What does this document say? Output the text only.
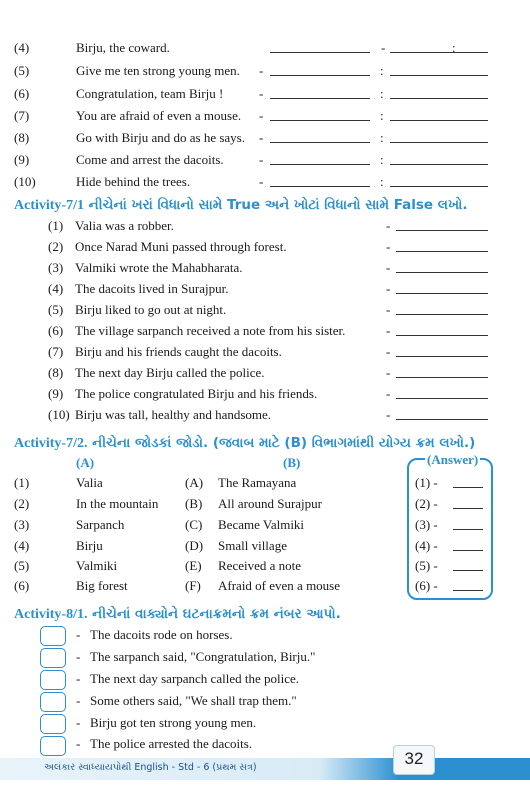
(4)	Birju, the coward.	-	:
(5)	Give me ten strong young men. -	:
(6)	Congratulation, team Birju !	-	:
(7)	You are afraid of even a mouse. -	:
(8)	Go with Birju and do as he says. -	:
(9)	Come and arrest the dacoits.	-	:
(10)	Hide behind the trees.	-	:
Activity-7/1 નીચેનાં ખરાં વિધાનો સામે True અને ખોટાં વિધાનો સામે False લખો.
(1) Valia was a robber.	-
(2) Once Narad Muni passed through forest.	-
(3) Valmiki wrote the Mahabharata.	-
(4) The dacoits lived in Surajpur.	-
(5) Birju liked to go out at night.	-
(6) The village sarpanch received a note from his sister.	-
(7) Birju and his friends caught the dacoits.	-
(8) The next day Birju called the police.	-
(9) The police congratulated Birju and his friends.	-
(10) Birju was tall, healthy and handsome.	-
Activity-7/2. નીચેના જોડકાં જોડો. (જવાબ માટે (B) વિભાગમાંથી યોગ્ય ક્રમ લખો.)
(A)	(B)	(Answer)
(1)	Valia	(A) The Ramayana	(1) -
(2)	In the mountain (B) All around Surajpur	(2) -
(3)	Sarpanch	(C) Became Valmiki	(3) -
(4)	Birju	(D) Small village	(4) -
(5)	Valmiki	(E) Received a note	(5) -
(6)	Big forest	(F) Afraid of even a mouse	(6) -
Activity-8/1. નીચેનાં વાક્યોને ઘટનાક્રમનો ક્રમ નંબર આપો.
- The dacoits rode on horses.
- The sarpanch said, "Congratulation, Birju."
- The next day sarpanch called the police.
- Some others said, "We shall trap them."
- Birju got ten strong young men.
- The police arrested the dacoits.
અલંકાર સ્વાધ્યાયપોથી English - Std - 6 (પ્રથમ સત્ર)	32
